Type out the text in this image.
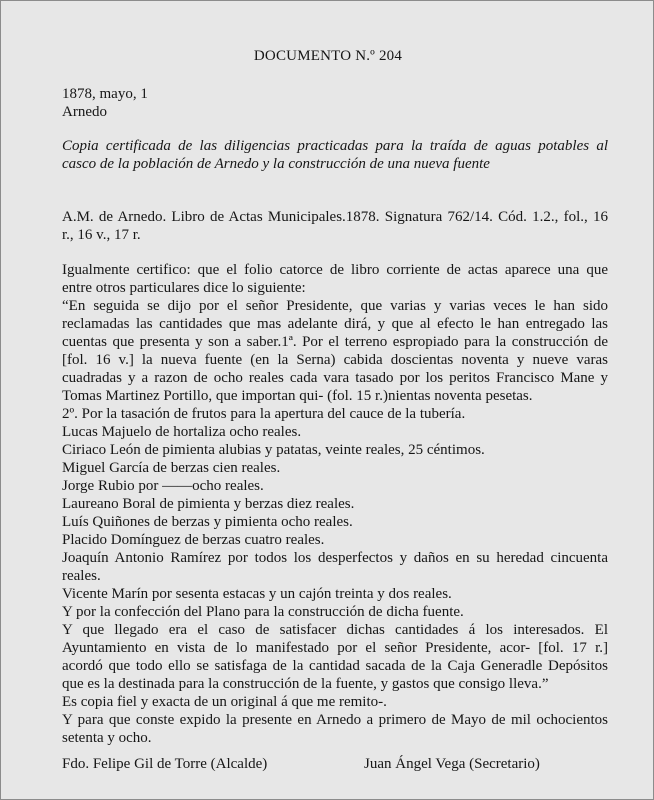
DOCUMENTO N.º 204
1878, mayo, 1
Arnedo
Copia certificada de las diligencias practicadas para la traída de aguas potables al
casco de la población de Arnedo y la construcción de una nueva fuente
A.M. de Arnedo. Libro de Actas Municipales.1878. Signatura 762/14. Cód. 1.2., fol., 16
r., 16 v., 17 r.
Igualmente certifico: que el folio catorce de libro corriente de actas aparece una que
entre otros particulares dice lo siguiente:
“En seguida se dijo por el señor Presidente, que varias y varias veces le han sido
reclamadas las cantidades que mas adelante dirá, y que al efecto le han entregado las
cuentas que presenta y son a saber.1ª. Por el terreno espropiado para la construcción de
[fol. 16 v.] la nueva fuente (en la Serna) cabida doscientas noventa y nueve varas
cuadradas y a razon de ocho reales cada vara tasado por los peritos Francisco Mane y
Tomas Martinez Portillo, que importan qui- (fol. 15 r.)nientas noventa pesetas.
2º. Por la tasación de frutos para la apertura del cauce de la tubería.
Lucas Majuelo de hortaliza ocho reales.
Ciriaco León de pimienta alubias y patatas, veinte reales, 25 céntimos.
Miguel García de berzas cien reales.
Jorge Rubio por ——ocho reales.
Laureano Boral de pimienta y berzas diez reales.
Luís Quiñones de berzas y pimienta ocho reales.
Placido Domínguez de berzas cuatro reales.
Joaquín Antonio Ramírez por todos los desperfectos y daños en su heredad cincuenta
reales.
Vicente Marín por sesenta estacas y un cajón treinta y dos reales.
Y por la confección del Plano para la construcción de dicha fuente.
Y que llegado era el caso de satisfacer dichas cantidades á los interesados. El
Ayuntamiento en vista de lo manifestado por el señor Presidente, acor- [fol. 17 r.]
acordó que todo ello se satisfaga de la cantidad sacada de la Caja Generadle Depósitos
que es la destinada para la construcción de la fuente, y gastos que consigo lleva.”
Es copia fiel y exacta de un original á que me remito-.
Y para que conste expido la presente en Arnedo a primero de Mayo de mil ochocientos
setenta y ocho.
Fdo. Felipe Gil de Torre (Alcalde)	Juan Ángel Vega (Secretario)
